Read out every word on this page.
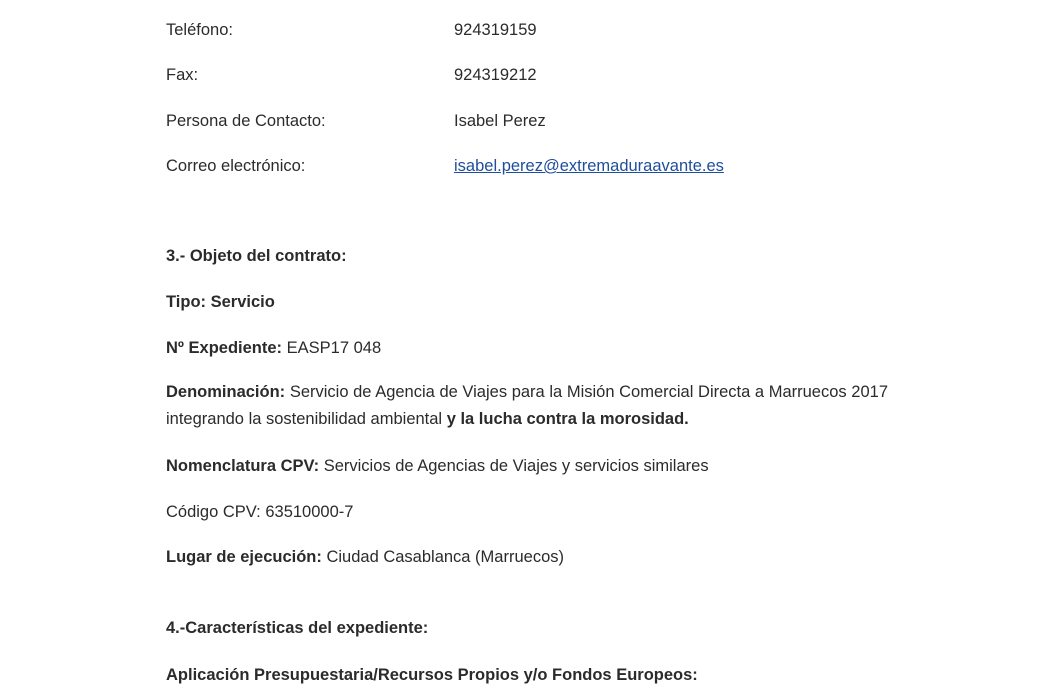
Teléfono:	924319159
Fax:	924319212
Persona de Contacto:	Isabel Perez
Correo electrónico:	isabel.perez@extremaduraavante.es
3.- Objeto del contrato:
Tipo: Servicio
Nº Expediente: EASP17 048
Denominación: Servicio de Agencia de Viajes para la Misión Comercial Directa a Marruecos 2017 integrando la sostenibilidad ambiental y la lucha contra la morosidad.
Nomenclatura CPV: Servicios de Agencias de Viajes y servicios similares
Código CPV: 63510000-7
Lugar de ejecución: Ciudad Casablanca (Marruecos)
4.-Características del expediente:
Aplicación Presupuestaria/Recursos Propios y/o Fondos Europeos:
